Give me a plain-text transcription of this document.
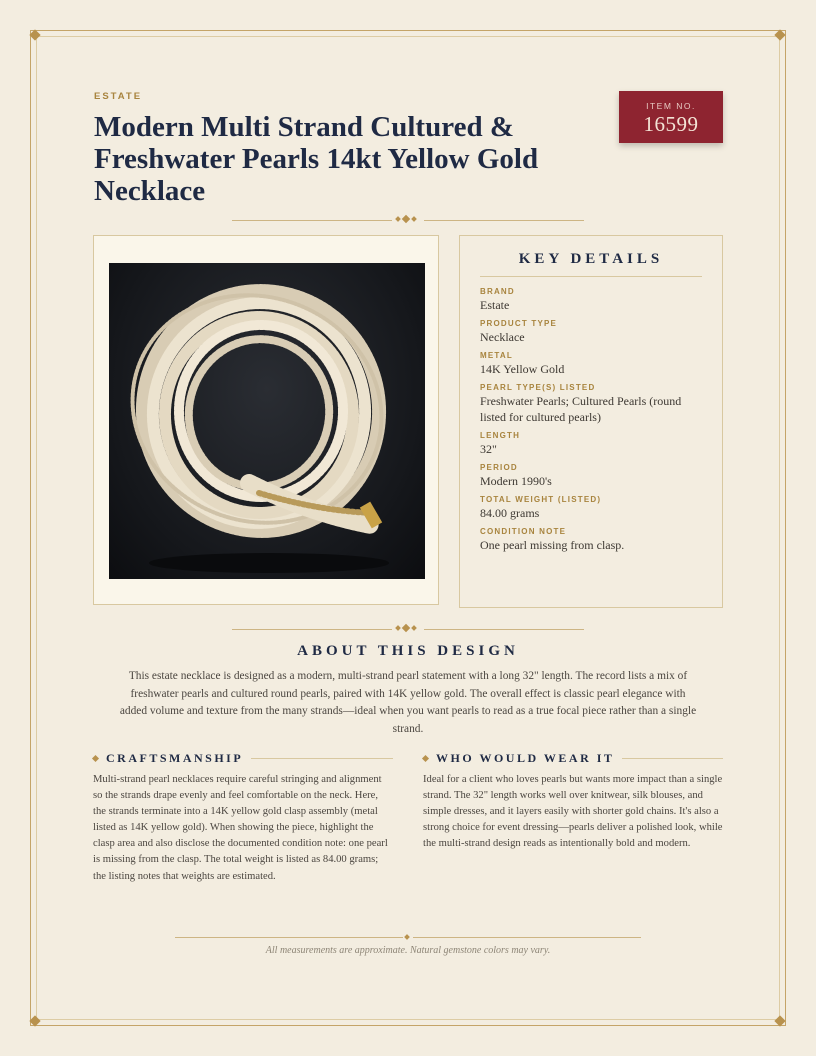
ESTATE
Modern Multi Strand Cultured & Freshwater Pearls 14kt Yellow Gold Necklace
ITEM NO.
16599
KEY DETAILS
BRAND
Estate
PRODUCT TYPE
Necklace
METAL
14K Yellow Gold
PEARL TYPE(S) LISTED
Freshwater Pearls; Cultured Pearls (round listed for cultured pearls)
LENGTH
32"
PERIOD
Modern 1990's
TOTAL WEIGHT (LISTED)
84.00 grams
CONDITION NOTE
One pearl missing from clasp.
ABOUT THIS DESIGN

This estate necklace is designed as a modern, multi-strand pearl statement with a long 32" length. The record lists a mix of freshwater pearls and cultured round pearls, paired with 14K yellow gold. The overall effect is classic pearl elegance with added volume and texture from the many strands—ideal when you want pearls to read as a true focal piece rather than a single strand.

CRAFTSMANSHIP

Multi-strand pearl necklaces require careful stringing and alignment so the strands drape evenly and feel comfortable on the neck. Here, the strands terminate into a 14K yellow gold clasp assembly (metal listed as 14K yellow gold). When showing the piece, highlight the clasp area and also disclose the documented condition note: one pearl is missing from the clasp. The total weight is listed as 84.00 grams; the listing notes that weights are estimated.

WHO WOULD WEAR IT

Ideal for a client who loves pearls but wants more impact than a single strand. The 32" length works well over knitwear, silk blouses, and simple dresses, and it layers easily with shorter gold chains. It's also a strong choice for event dressing—pearls deliver a polished look, while the multi-strand design reads as intentionally bold and modern.

All measurements are approximate. Natural gemstone colors may vary.
